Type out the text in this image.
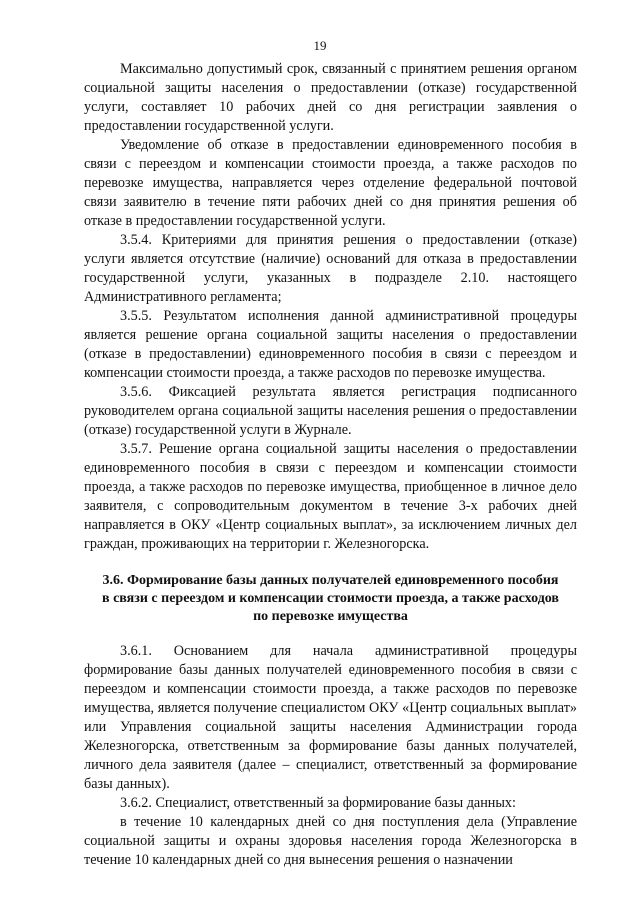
19

Максимально допустимый срок, связанный с принятием решения органом социальной защиты населения о предоставлении (отказе) государственной услуги, составляет 10 рабочих дней со дня регистрации заявления о предоставлении государственной услуги.

Уведомление об отказе в предоставлении единовременного пособия в связи с переездом и компенсации стоимости проезда, а также расходов по перевозке имущества, направляется через отделение федеральной почтовой связи заявителю в течение пяти рабочих дней со дня принятия решения об отказе в предоставлении государственной услуги.

3.5.4. Критериями для принятия решения о предоставлении (отказе) услуги является отсутствие (наличие) оснований для отказа в предоставлении государственной услуги, указанных в подразделе 2.10. настоящего Административного регламента;

3.5.5. Результатом исполнения данной административной процедуры является решение органа социальной защиты населения о предоставлении (отказе в предоставлении) единовременного пособия в связи с переездом и компенсации стоимости проезда, а также расходов по перевозке имущества.

3.5.6. Фиксацией результата является регистрация подписанного руководителем органа социальной защиты населения решения о предоставлении (отказе) государственной услуги в Журнале.

3.5.7. Решение органа социальной защиты населения о предоставлении единовременного пособия в связи с переездом и компенсации стоимости проезда, а также расходов по перевозке имущества, приобщенное в личное дело заявителя, с сопроводительным документом в течение 3-х рабочих дней направляется в ОКУ «Центр социальных выплат», за исключением личных дел граждан, проживающих на территории г. Железногорска.

3.6. Формирование базы данных получателей единовременного пособия в связи с переездом и компенсации стоимости проезда, а также расходов по перевозке имущества

3.6.1. Основанием для начала административной процедуры формирование базы данных получателей единовременного пособия в связи с переездом и компенсации стоимости проезда, а также расходов по перевозке имущества, является получение специалистом ОКУ «Центр социальных выплат» или Управления социальной защиты населения Администрации города Железногорска, ответственным за формирование базы данных получателей, личного дела заявителя (далее – специалист, ответственный за формирование базы данных).

3.6.2. Специалист, ответственный за формирование базы данных:

в течение 10 календарных дней со дня поступления дела (Управление социальной защиты и охраны здоровья населения города Железногорска в течение 10 календарных дней со дня вынесения решения о назначении
